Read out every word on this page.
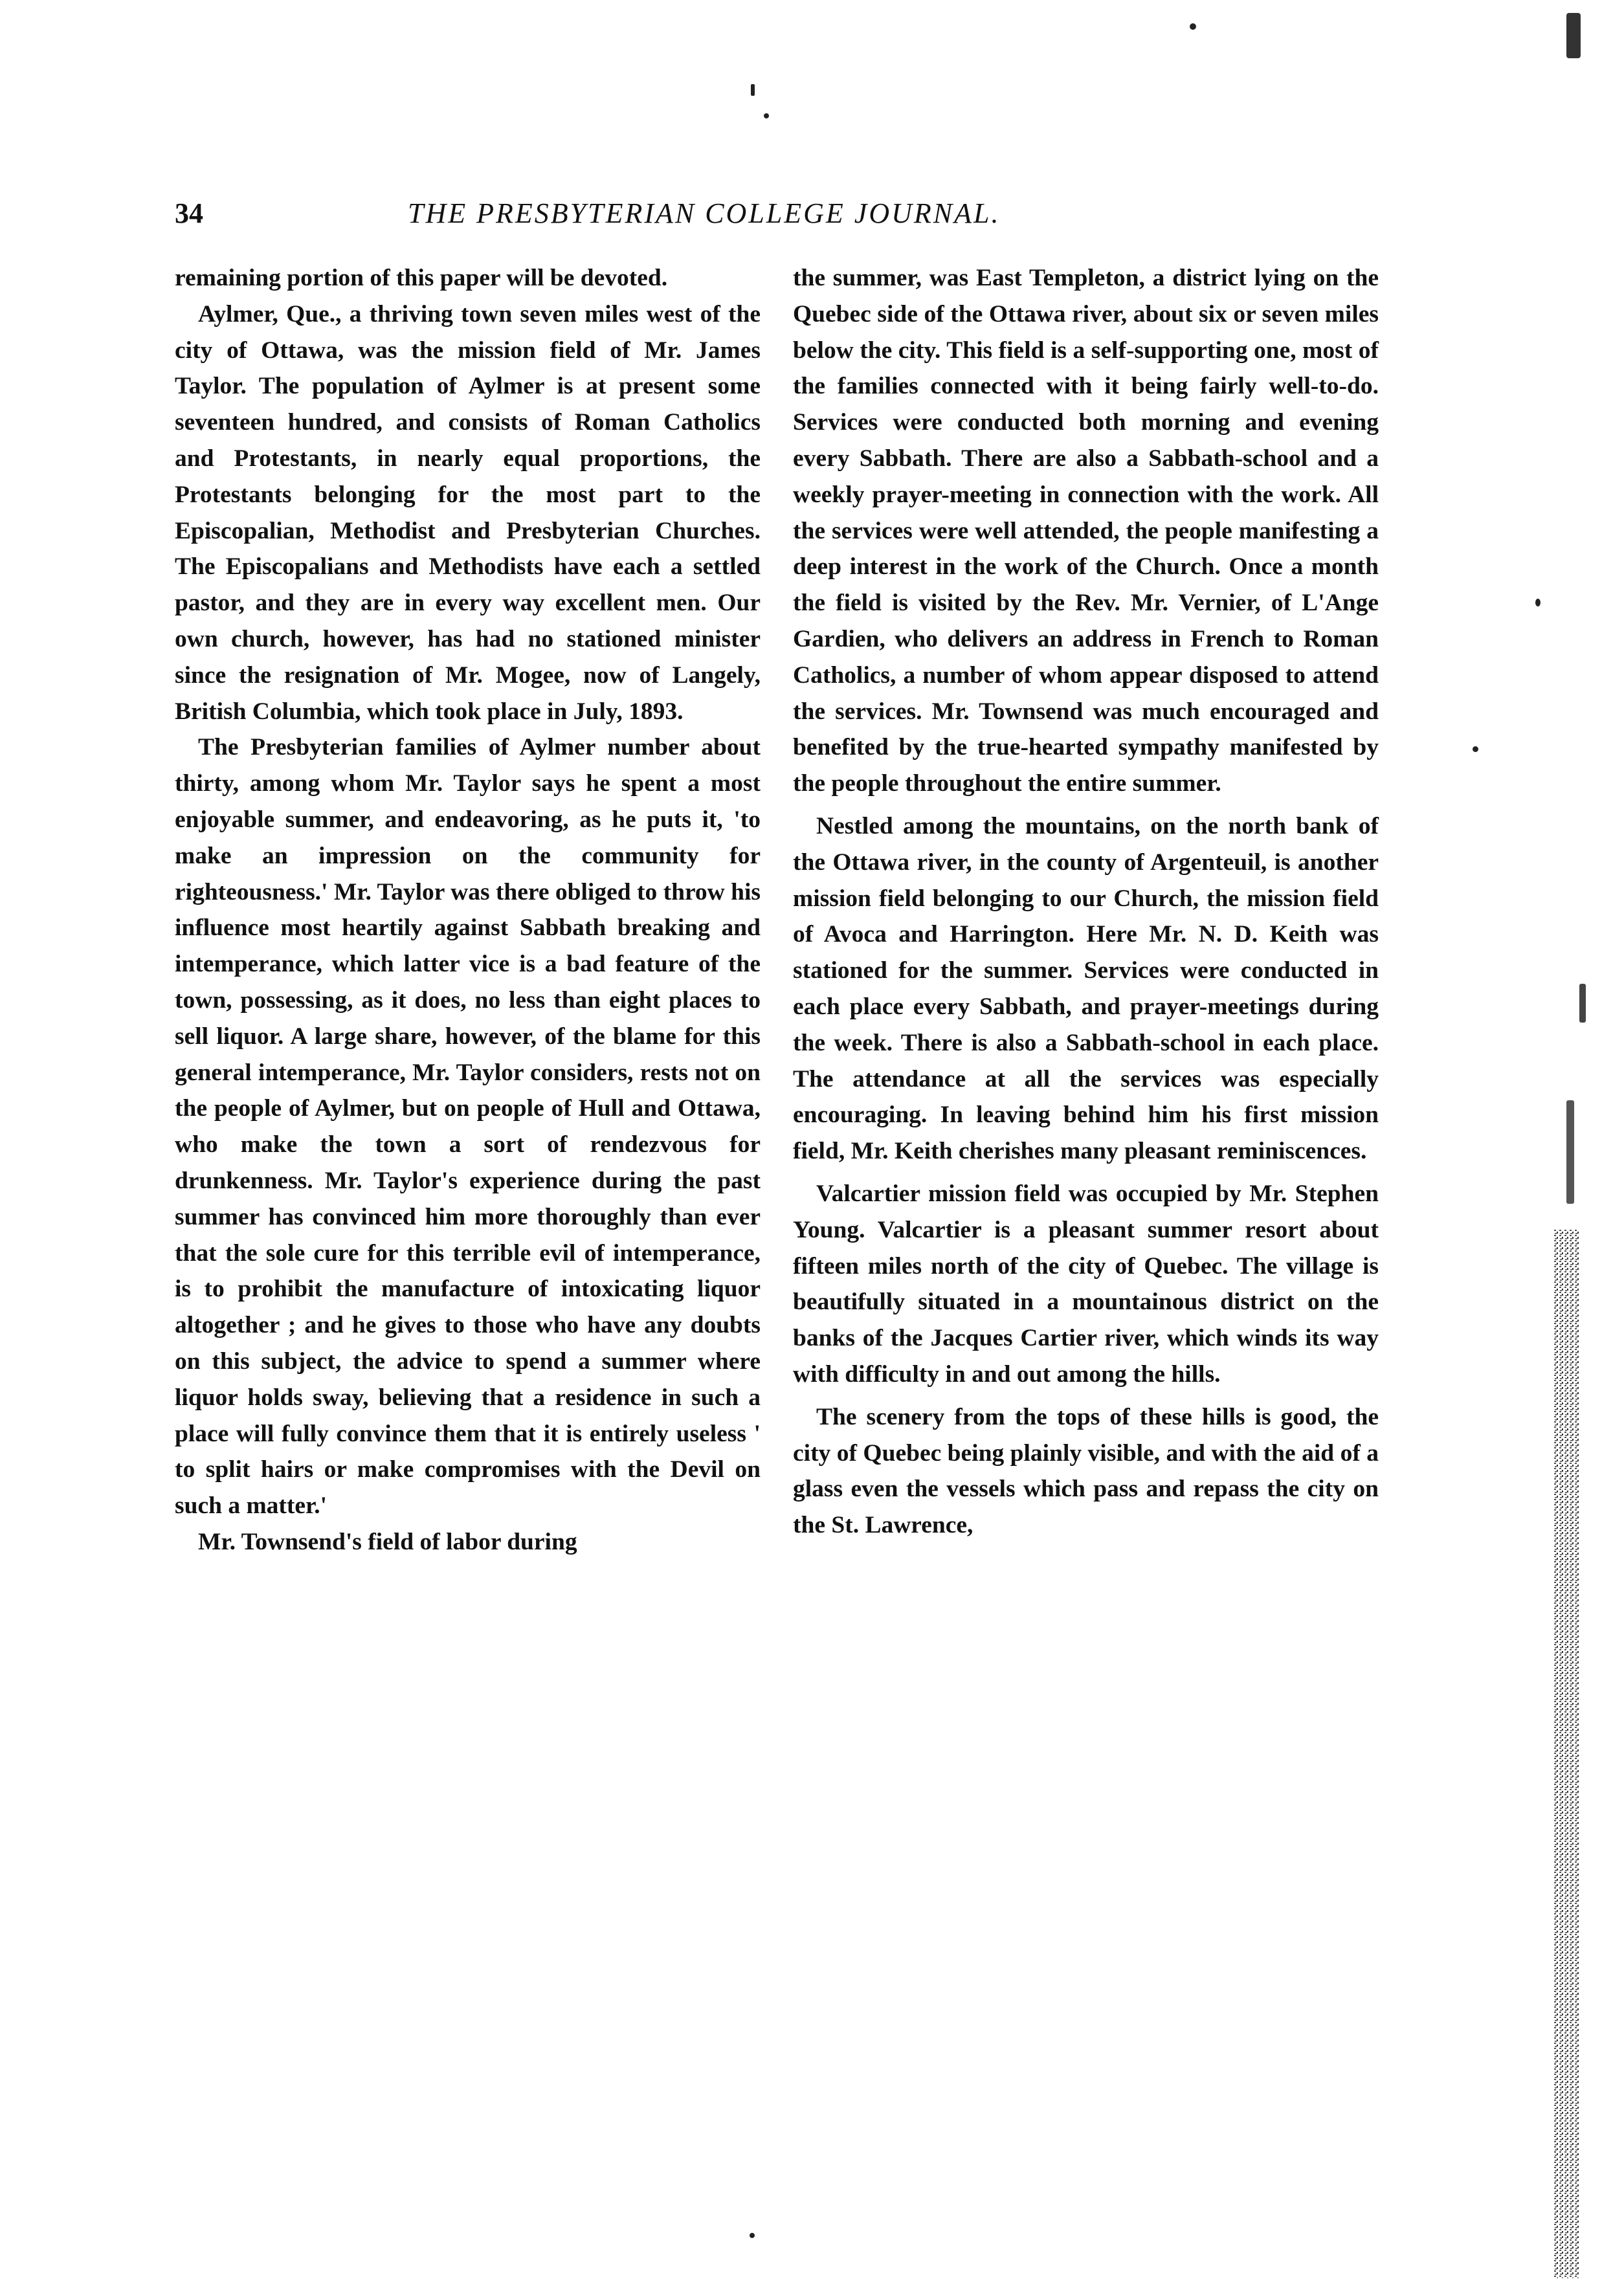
34	THE PRESBYTERIAN COLLEGE JOURNAL.

remaining portion of this paper will be devoted.

Aylmer, Que., a thriving town seven miles west of the city of Ottawa, was the mission field of Mr. James Taylor. The population of Aylmer is at present some seventeen hundred, and consists of Roman Catholics and Protestants, in nearly equal proportions, the Protestants belonging for the most part to the Episcopalian, Methodist and Presbyterian Churches. The Episcopalians and Methodists have each a settled pastor, and they are in every way excellent men. Our own church, however, has had no stationed minister since the resignation of Mr. Mogee, now of Langely, British Columbia, which took place in July, 1893.

The Presbyterian families of Aylmer number about thirty, among whom Mr. Taylor says he spent a most enjoyable summer, and endeavoring, as he puts it, 'to make an impression on the community for righteousness.' Mr. Taylor was there obliged to throw his influence most heartily against Sabbath breaking and intemperance, which latter vice is a bad feature of the town, possessing, as it does, no less than eight places to sell liquor. A large share, however, of the blame for this general intemperance, Mr. Taylor considers, rests not on the people of Aylmer, but on people of Hull and Ottawa, who make the town a sort of rendezvous for drunkenness. Mr. Taylor's experience during the past summer has convinced him more thoroughly than ever that the sole cure for this terrible evil of intemperance, is to prohibit the manufacture of intoxicating liquor altogether ; and he gives to those who have any doubts on this subject, the advice to spend a summer where liquor holds sway, believing that a residence in such a place will fully convince them that it is entirely useless ' to split hairs or make compromises with the Devil on such a matter.'

Mr. Townsend's field of labor during

the summer, was East Templeton, a district lying on the Quebec side of the Ottawa river, about six or seven miles below the city. This field is a self-supporting one, most of the families connected with it being fairly well-to-do. Services were conducted both morning and evening every Sabbath. There are also a Sabbath-school and a weekly prayer-meeting in connection with the work. All the services were well attended, the people manifesting a deep interest in the work of the Church. Once a month the field is visited by the Rev. Mr. Vernier, of L'Ange Gardien, who delivers an address in French to Roman Catholics, a number of whom appear disposed to attend the services. Mr. Townsend was much encouraged and benefited by the true-hearted sympathy manifested by the people throughout the entire summer.

Nestled among the mountains, on the north bank of the Ottawa river, in the county of Argenteuil, is another mission field belonging to our Church, the mission field of Avoca and Harrington. Here Mr. N. D. Keith was stationed for the summer. Services were conducted in each place every Sabbath, and prayer-meetings during the week. There is also a Sabbath-school in each place. The attendance at all the services was especially encouraging. In leaving behind him his first mission field, Mr. Keith cherishes many pleasant reminiscences.

Valcartier mission field was occupied by Mr. Stephen Young. Valcartier is a pleasant summer resort about fifteen miles north of the city of Quebec. The village is beautifully situated in a mountainous district on the banks of the Jacques Cartier river, which winds its way with difficulty in and out among the hills.

The scenery from the tops of these hills is good, the city of Quebec being plainly visible, and with the aid of a glass even the vessels which pass and repass the city on the St. Lawrence,
